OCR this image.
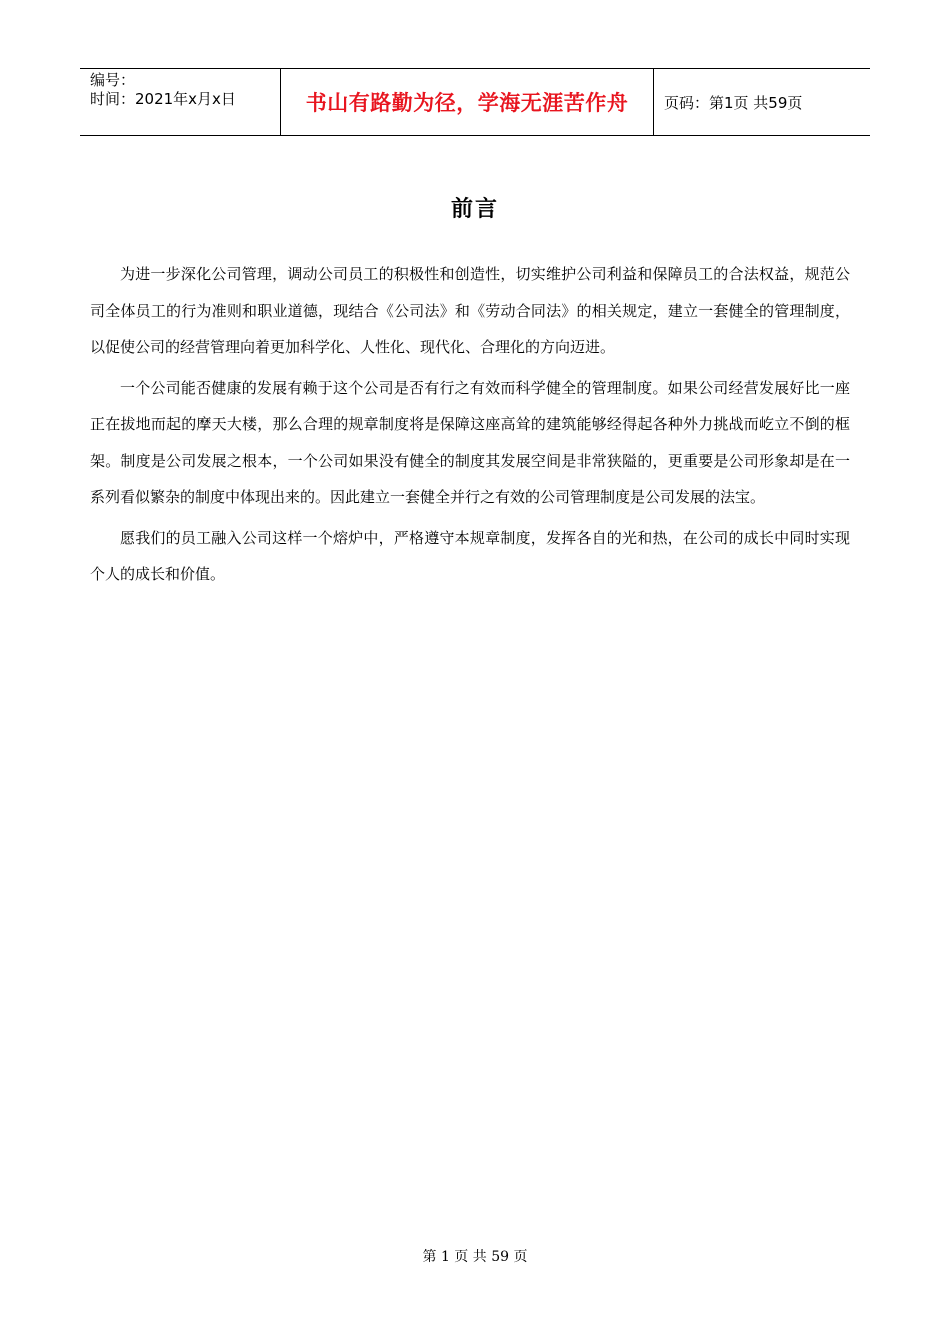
编号：
时间：2021年x月x日	书山有路勤为径，学海无涯苦作舟	页码：第1页 共59页
前言

为进一步深化公司管理，调动公司员工的积极性和创造性，切实维护公司利益和保障员工的合法权益，规范公司全体员工的行为准则和职业道德，现结合《公司法》和《劳动合同法》的相关规定，建立一套健全的管理制度，以促使公司的经营管理向着更加科学化、人性化、现代化、合理化的方向迈进。

一个公司能否健康的发展有赖于这个公司是否有行之有效而科学健全的管理制度。如果公司经营发展好比一座正在拔地而起的摩天大楼，那么合理的规章制度将是保障这座高耸的建筑能够经得起各种外力挑战而屹立不倒的框架。制度是公司发展之根本，一个公司如果没有健全的制度其发展空间是非常狭隘的，更重要是公司形象却是在一系列看似繁杂的制度中体现出来的。因此建立一套健全并行之有效的公司管理制度是公司发展的法宝。

愿我们的员工融入公司这样一个熔炉中，严格遵守本规章制度，发挥各自的光和热，在公司的成长中同时实现个人的成长和价值。

第 1 页 共 59 页
